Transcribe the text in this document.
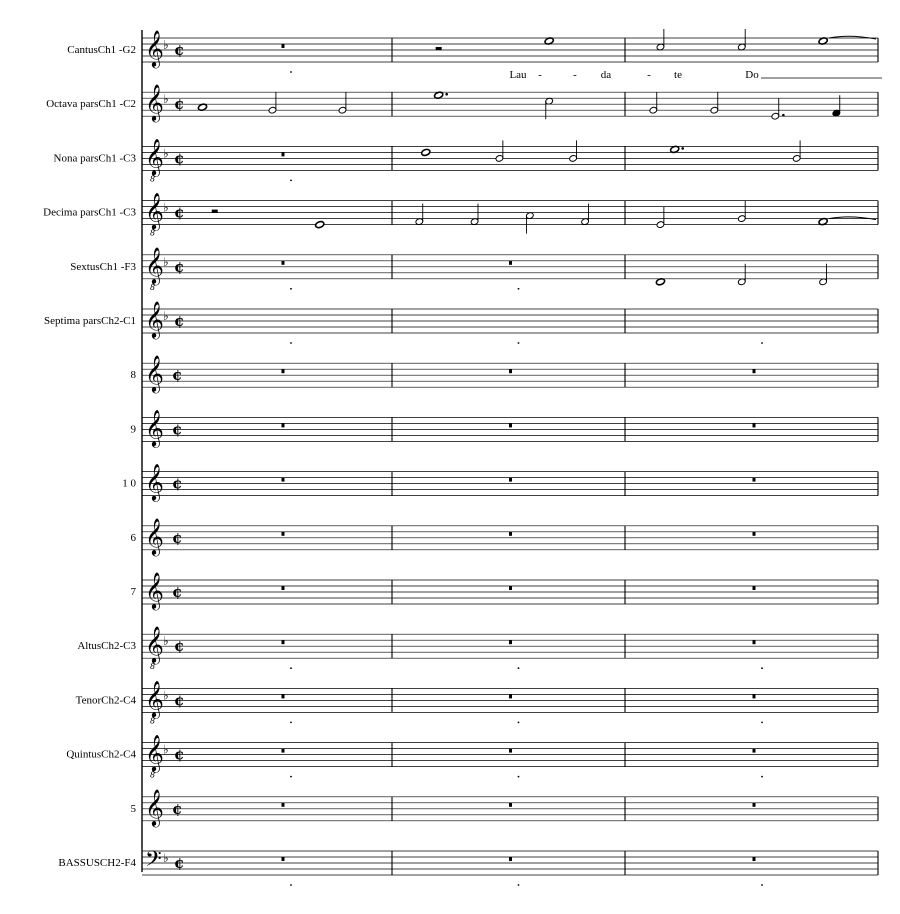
CantusCh1 -G2 𝄞 ♭ ¢
Octava parsCh1 -C2 𝄞 ♭ ¢
Nona parsCh1 -C3 𝄞
8
♭ ¢
Decima parsCh1 -C3 𝄞
8
♭ ¢
SextusCh1 -F3 𝄞
8
♭ ¢
Septima parsCh2-C1 𝄞 ♭ ¢
8 𝄞 ¢
9 𝄞 ¢
1 0 𝄞 ¢
6 𝄞 ¢
7 𝄞 ¢
AltusCh2-C3 𝄞
8
♭ ¢
TenorCh2-C4 𝄞
8
♭ ¢
QuintusCh2-C4 𝄞
8
♭ ¢
5 𝄞 ¢
BASSUSCH2-F4 𝄢 ♭ ¢
Lau -	- da	- te	Do
